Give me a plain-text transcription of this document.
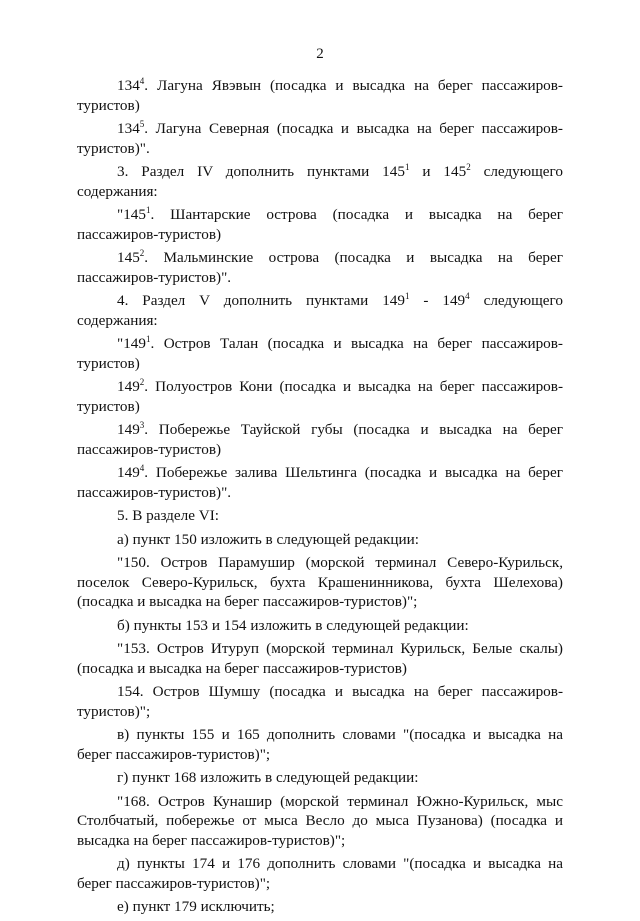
2

$134^4$. Лагуна Явэвын (посадка и высадка на берег пассажиров-туристов)

$134^5$. Лагуна Северная (посадка и высадка на берег пассажиров-туристов)".

3. Раздел IV дополнить пунктами $145^1$ и $145^2$ следующего содержания:

"$145^1$. Шантарские острова (посадка и высадка на берег пассажиров-туристов)

$145^2$. Мальминские острова (посадка и высадка на берег пассажиров-туристов)".

4. Раздел V дополнить пунктами $149^1 - 149^4$ следующего содержания:

"$149^1$. Остров Талан (посадка и высадка на берег пассажиров-туристов)

$149^2$. Полуостров Кони (посадка и высадка на берег пассажиров-туристов)

$149^3$. Побережье Тауйской губы (посадка и высадка на берег пассажиров-туристов)

$149^4$. Побережье залива Шельтинга (посадка и высадка на берег пассажиров-туристов)".

5. В разделе VI:

а) пункт 150 изложить в следующей редакции:

"150. Остров Парамушир (морской терминал Северо-Курильск, поселок Северо-Курильск, бухта Крашенинникова, бухта Шелехова) (посадка и высадка на берег пассажиров-туристов)";

б) пункты 153 и 154 изложить в следующей редакции:

"153. Остров Итуруп (морской терминал Курильск, Белые скалы) (посадка и высадка на берег пассажиров-туристов)

154. Остров Шумшу (посадка и высадка на берег пассажиров-туристов)";

в) пункты 155 и 165 дополнить словами "(посадка и высадка на берег пассажиров-туристов)";

г) пункт 168 изложить в следующей редакции:

"168. Остров Кунашир (морской терминал Южно-Курильск, мыс Столбчатый, побережье от мыса Весло до мыса Пузанова) (посадка и высадка на берег пассажиров-туристов)";

д) пункты 174 и 176 дополнить словами "(посадка и высадка на берег пассажиров-туристов)";

е) пункт 179 исключить;
